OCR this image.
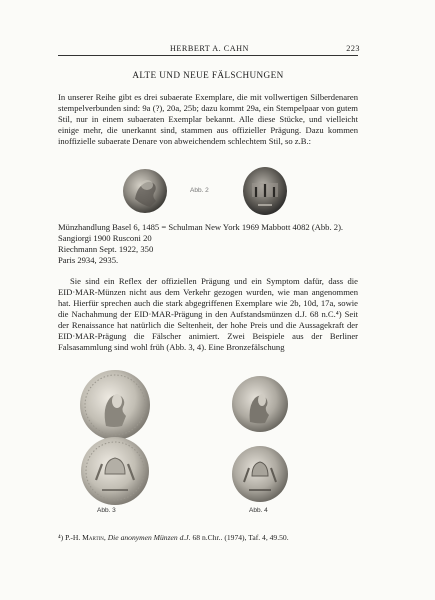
HERBERT A. CAHN	223
ALTE UND NEUE FÄLSCHUNGEN

In unserer Reihe gibt es drei subaerate Exemplare, die mit vollwertigen Silberdenaren stempelverbunden sind: 9a (?), 20a, 25b; dazu kommt 29a, ein Stempelpaar von gutem Stil, nur in einem subaeraten Exemplar bekannt. Alle diese Stücke, und vielleicht einige mehr, die unerkannt sind, stammen aus offizieller Prägung. Dazu kommen inoffizielle subaerate Denare von abweichendem schlechtem Stil, so z.B.:

Abb. 2
Münzhandlung Basel 6, 1485 = Schulman New York 1969 Mabbott 4082 (Abb. 2).
Sangiorgi 1900 Rusconi 20
Riechmann Sept. 1922, 350
Paris 2934, 2935.

Sie sind ein Reflex der offiziellen Prägung und ein Symptom dafür, dass die EID·MAR-Münzen nicht aus dem Verkehr gezogen wurden, wie man angenommen hat. Hierfür sprechen auch die stark abgegriffenen Exemplare wie 2b, 10d, 17a, sowie die Nachahmung der EID·MAR-Prägung in den Aufstandsmünzen d.J. 68 n.C.⁴) Seit der Renaissance hat natürlich die Seltenheit, der hohe Preis und die Aussagekraft der EID·MAR-Prägung die Fälscher animiert. Zwei Beispiele aus der Berliner Falsasammlung sind wohl früh (Abb. 3, 4). Eine Bronzefälschung

Abb. 3	Abb. 4
⁴) P.-H. Martin, Die anonymen Münzen d.J. 68 n.Chr.. (1974), Taf. 4, 49.50.
